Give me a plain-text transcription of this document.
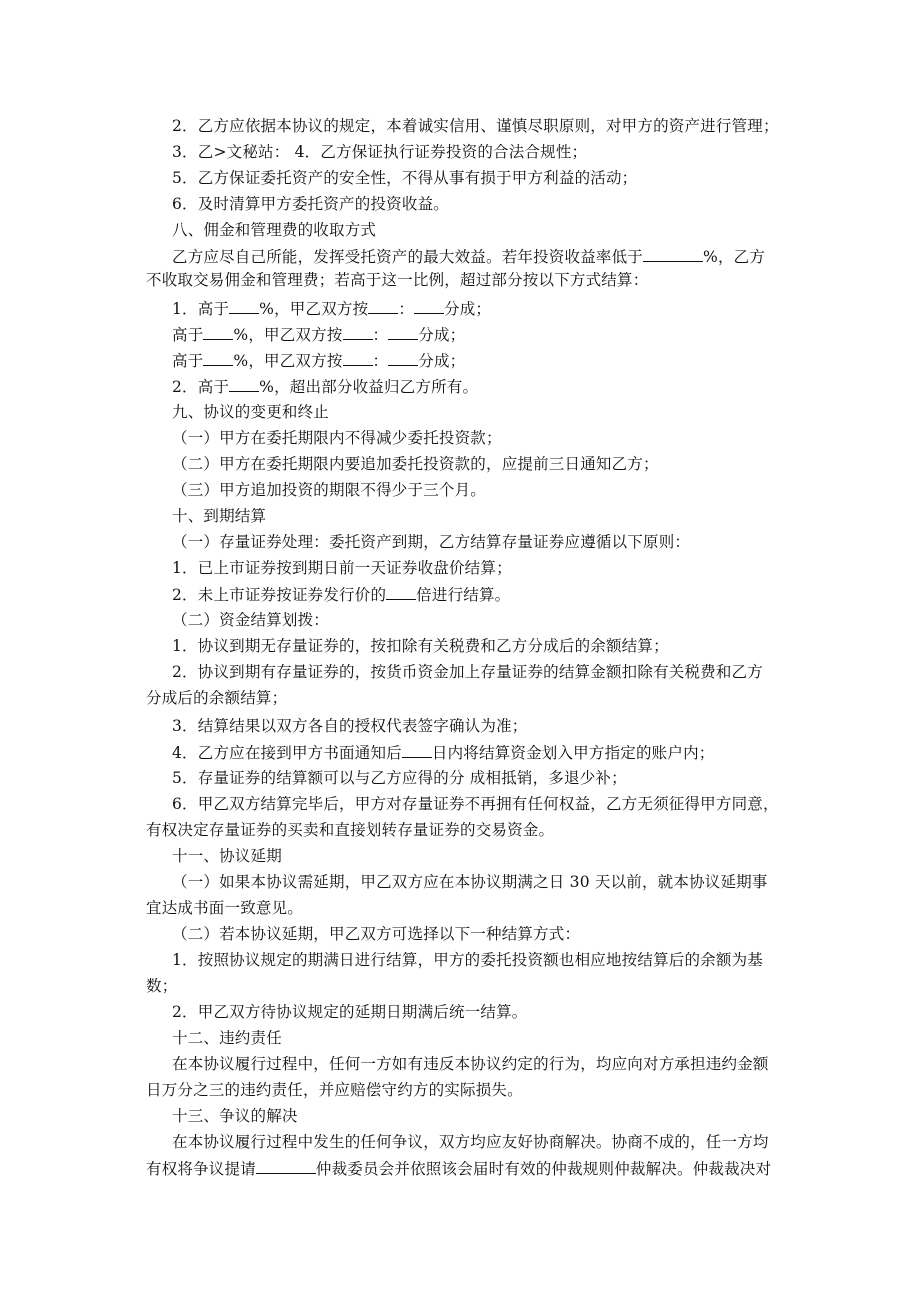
2．乙方应依据本协议的规定，本着诚实信用、谨慎尽职原则，对甲方的资产进行管理；
3．乙>文秘站： 4．乙方保证执行证券投资的合法合规性；
5．乙方保证委托资产的安全性，不得从事有损于甲方利益的活动；
6．及时清算甲方委托资产的投资收益。
八、佣金和管理费的收取方式
乙方应尽自己所能，发挥受托资产的最大效益。若年投资收益率低于	%，乙方
不收取交易佣金和管理费；若高于这一比例，超过部分按以下方式结算：
1．高于 %，甲乙双方按 ： 分成；
高于 %，甲乙双方按 ： 分成；
高于 %，甲乙双方按 ： 分成；
2．高于 %，超出部分收益归乙方所有。
九、协议的变更和终止
（一）甲方在委托期限内不得减少委托投资款；
（二）甲方在委托期限内要追加委托投资款的，应提前三日通知乙方；
（三）甲方追加投资的期限不得少于三个月。
十、到期结算
（一）存量证券处理：委托资产到期，乙方结算存量证券应遵循以下原则：
1．已上市证券按到期日前一天证券收盘价结算；
2．未上市证券按证券发行价的 倍进行结算。
（二）资金结算划拨：
1．协议到期无存量证券的，按扣除有关税费和乙方分成后的余额结算；
2．协议到期有存量证券的，按货币资金加上存量证券的结算金额扣除有关税费和乙方
分成后的余额结算；
3．结算结果以双方各自的授权代表签字确认为准；
4．乙方应在接到甲方书面通知后 日内将结算资金划入甲方指定的账户内；
5．存量证券的结算额可以与乙方应得的分 成相抵销，多退少补；
6．甲乙双方结算完毕后，甲方对存量证券不再拥有任何权益，乙方无须征得甲方同意，
有权决定存量证券的买卖和直接划转存量证券的交易资金。
十一、协议延期
（一）如果本协议需延期，甲乙双方应在本协议期满之日 30 天以前，就本协议延期事
宜达成书面一致意见。
（二）若本协议延期，甲乙双方可选择以下一种结算方式：
1．按照协议规定的期满日进行结算，甲方的委托投资额也相应地按结算后的余额为基
数；
2．甲乙双方待协议规定的延期日期满后统一结算。
十二、违约责任
在本协议履行过程中，任何一方如有违反本协议约定的行为，均应向对方承担违约金额
日万分之三的违约责任，并应赔偿守约方的实际损失。
十三、争议的解决
在本协议履行过程中发生的任何争议，双方均应友好协商解决。协商不成的，任一方均
有权将争议提请	仲裁委员会并依照该会届时有效的仲裁规则仲裁解决。仲裁裁决对
